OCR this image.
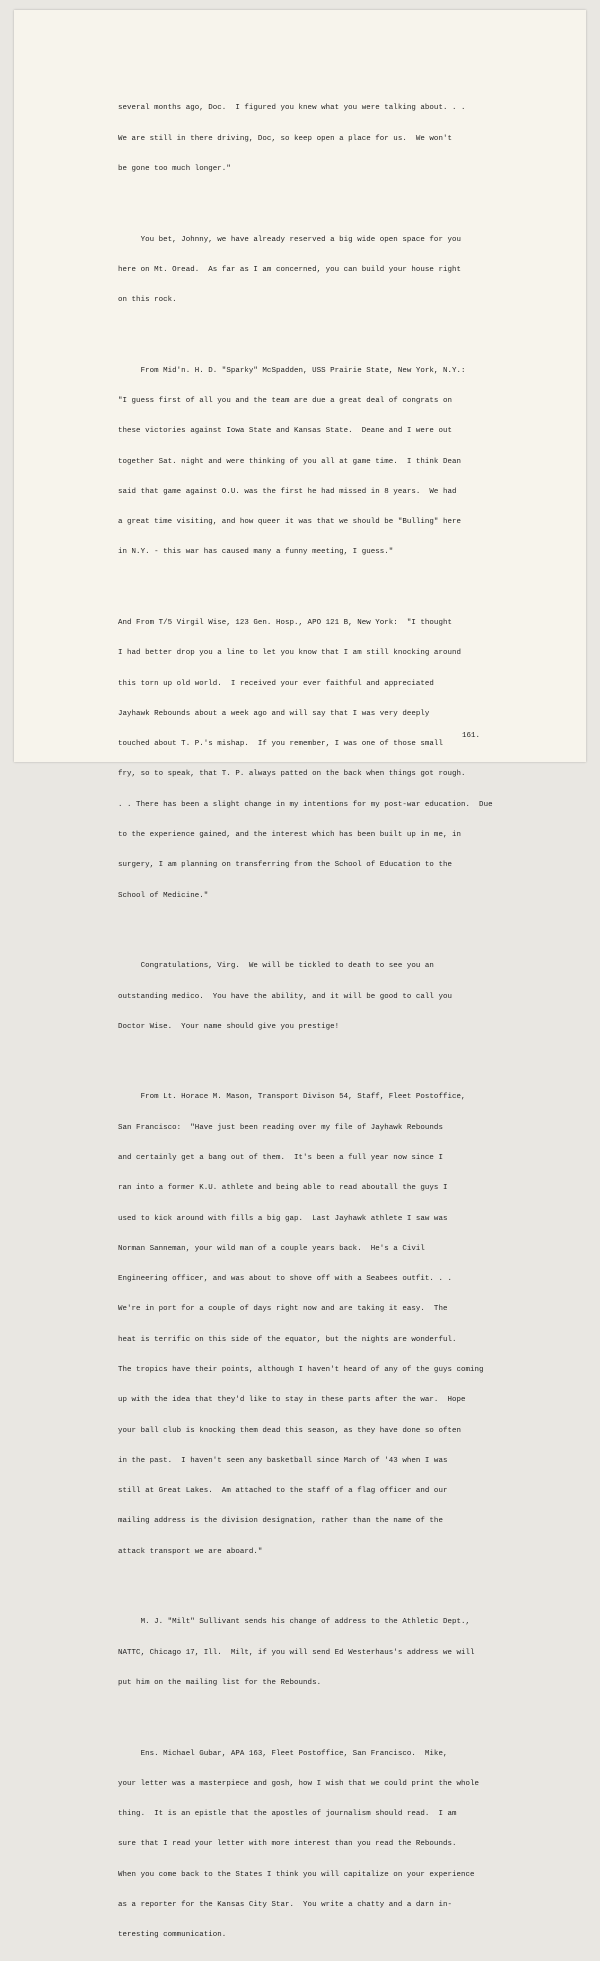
several months ago, Doc.  I figured you knew what you were talking about. . .

We are still in there driving, Doc, so keep open a place for us.  We won't

be gone too much longer."

You bet, Johnny, we have already reserved a big wide open space for you

here on Mt. Oread.  As far as I am concerned, you can build your house right

on this rock.

From Mid'n. H. D. "Sparky" McSpadden, USS Prairie State, New York, N.Y.:

"I guess first of all you and the team are due a great deal of congrats on

these victories against Iowa State and Kansas State.  Deane and I were out

together Sat. night and were thinking of you all at game time.  I think Dean

said that game against O.U. was the first he had missed in 8 years.  We had

a great time visiting, and how queer it was that we should be "Bulling" here

in N.Y. - this war has caused many a funny meeting, I guess."

And From T/5 Virgil Wise, 123 Gen. Hosp., APO 121 B, New York:  "I thought

I had better drop you a line to let you know that I am still knocking around

this torn up old world.  I received your ever faithful and appreciated

Jayhawk Rebounds about a week ago and will say that I was very deeply

touched about T. P.'s mishap.  If you remember, I was one of those small

fry, so to speak, that T. P. always patted on the back when things got rough.

. . There has been a slight change in my intentions for my post-war education.  Due

to the experience gained, and the interest which has been built up in me, in

surgery, I am planning on transferring from the School of Education to the

School of Medicine."

Congratulations, Virg.  We will be tickled to death to see you an

outstanding medico.  You have the ability, and it will be good to call you

Doctor Wise.  Your name should give you prestige!

From Lt. Horace M. Mason, Transport Divison 54, Staff, Fleet Postoffice,

San Francisco:  "Have just been reading over my file of Jayhawk Rebounds

and certainly get a bang out of them.  It's been a full year now since I

ran into a former K.U. athlete and being able to read aboutall the guys I

used to kick around with fills a big gap.  Last Jayhawk athlete I saw was

Norman Sanneman, your wild man of a couple years back.  He's a Civil

Engineering officer, and was about to shove off with a Seabees outfit. . .

We're in port for a couple of days right now and are taking it easy.  The

heat is terrific on this side of the equator, but the nights are wonderful.

The tropics have their points, although I haven't heard of any of the guys coming

up with the idea that they'd like to stay in these parts after the war.  Hope

your ball club is knocking them dead this season, as they have done so often

in the past.  I haven't seen any basketball since March of '43 when I was

still at Great Lakes.  Am attached to the staff of a flag officer and our

mailing address is the division designation, rather than the name of the

attack transport we are aboard."

M. J. "Milt" Sullivant sends his change of address to the Athletic Dept.,

NATTC, Chicago 17, Ill.  Milt, if you will send Ed Westerhaus's address we will

put him on the mailing list for the Rebounds.

Ens. Michael Gubar, APA 163, Fleet Postoffice, San Francisco.  Mike,

your letter was a masterpiece and gosh, how I wish that we could print the whole

thing.  It is an epistle that the apostles of journalism should read.  I am

sure that I read your letter with more interest than you read the Rebounds.

When you come back to the States I think you will capitalize on your experience

as a reporter for the Kansas City Star.  You write a chatty and a darn in-

teresting communication.

161.
